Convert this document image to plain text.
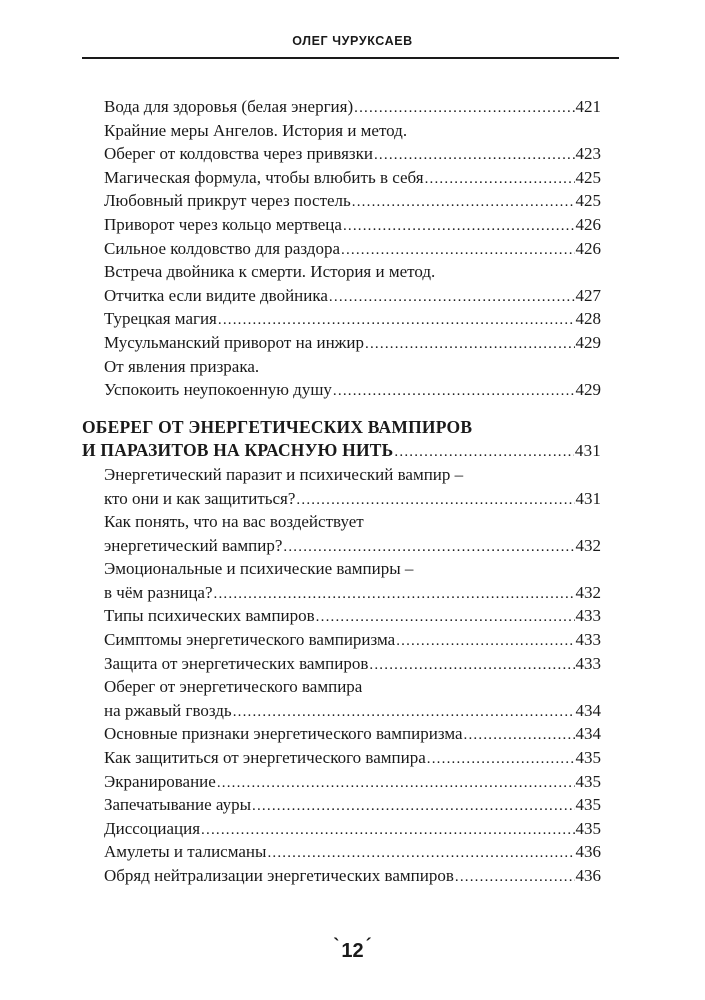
ОЛЕГ ЧУРУКСАЕВ
Вода для здоровья (белая энергия) .....	421
Крайние меры Ангелов. История и метод.
Оберег от колдовства через привязки .....	423
Магическая формула, чтобы влюбить в себя .....	425
Любовный прикрут через постель .....	425
Приворот через кольцо мертвеца .....	426
Сильное колдовство для раздора .....	426
Встреча двойника к смерти. История и метод.
Отчитка если видите двойника .....	427
Турецкая магия .....	428
Мусульманский приворот на инжир .....	429
От явления призрака.
Успокоить неупокоенную душу .....	429
ОБЕРЕГ ОТ ЭНЕРГЕТИЧЕСКИХ ВАМПИРОВ
И ПАРАЗИТОВ НА КРАСНУЮ НИТЬ .....	431
Энергетический паразит и психический вампир –
кто они и как защититься? .....	431
Как понять, что на вас воздействует
энергетический вампир? .....	432
Эмоциональные и психические вампиры –
в чём разница? .....	432
Типы психических вампиров .....	433
Симптомы энергетического вампиризма .....	433
Защита от энергетических вампиров .....	433
Оберег от энергетического вампира
на ржавый гвоздь .....	434
Основные признаки энергетического вампиризма .....	434
Как защититься от энергетического вампира .....	435
Экранирование .....	435
Запечатывание ауры .....	435
Диссоциация .....	435
Амулеты и талисманы .....	436
Обряд нейтрализации энергетических вампиров .....	436
` 12 ´
